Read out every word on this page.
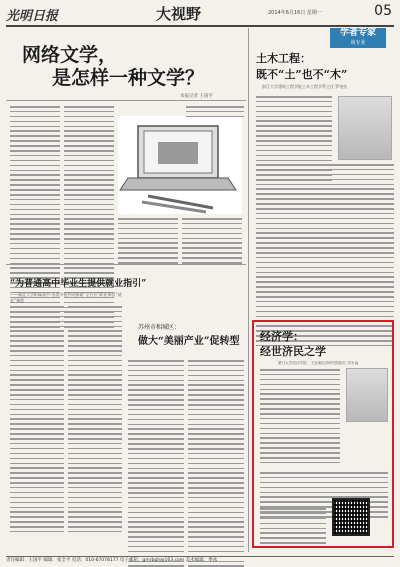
光明日报	大视野	2014年6月16日 星期一	05
学者专家
谈专业
网络文学，
是怎样一种文学？
本报记者 王国平
土木工程：
既不“土”也不“木”
浙江大学建筑工程学院土木工程学系主任 罗尧治
“为普通高中毕业生提供就业指引”
——湖北大学附属高中·各类学校共同探索“全方位”职业体验“就业”课程
苏州市相城区：
做大“美丽产业”促转型 经济学：
经世济民之学
厦门大学经济学院、王亚南经济研究院院长 洪永淼
责任编辑：王国平 编辑：张全平 电话：010-67078177 电子邮箱：gmrbgh@163.com 美术编辑：季冰
